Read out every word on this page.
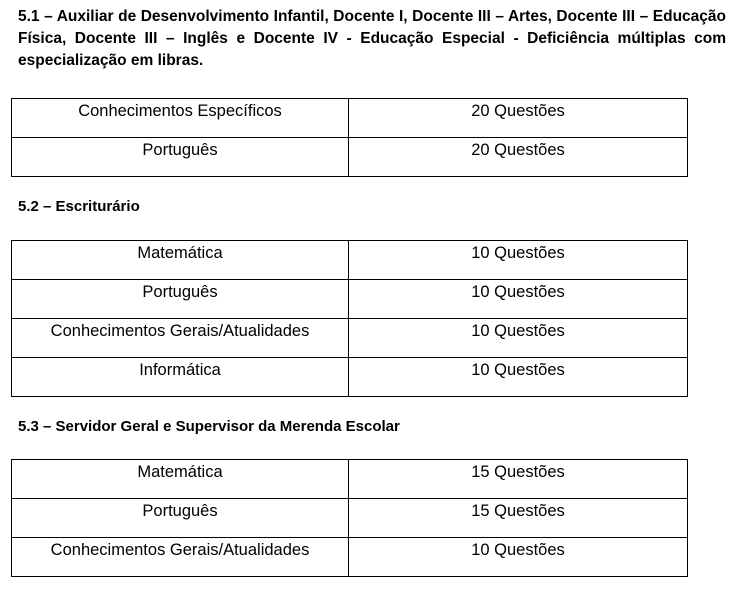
5.1 – Auxiliar de Desenvolvimento Infantil, Docente I, Docente III – Artes, Docente III – Educação Física, Docente III – Inglês e Docente IV - Educação Especial - Deficiência múltiplas com especialização em libras.
Conhecimentos Específicos	20 Questões

Português	20 Questões
5.2 – Escriturário
Matemática	10 Questões

Português	10 Questões

Conhecimentos Gerais/Atualidades	10 Questões

Informática	10 Questões
5.3 – Servidor Geral e Supervisor da Merenda Escolar
Matemática	15 Questões

Português	15 Questões

Conhecimentos Gerais/Atualidades	10 Questões
